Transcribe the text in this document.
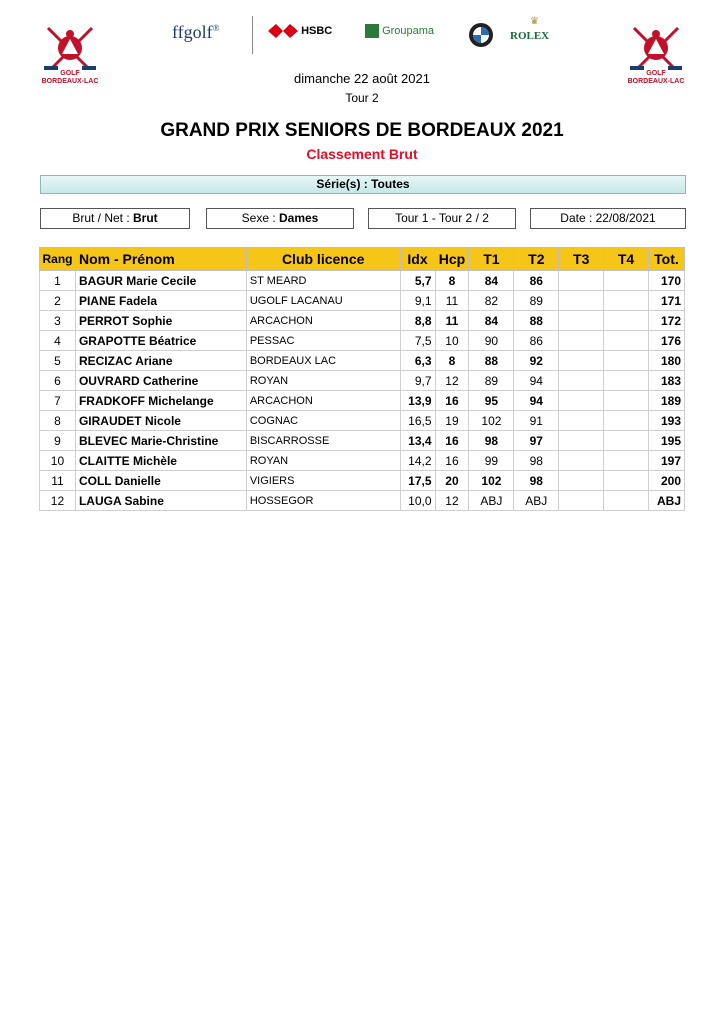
GOLF
BORDEAUX-LAC
ffgolf®	HSBC	Groupama
♛
ROLEX
GOLF
BORDEAUX-LAC
dimanche 22 août 2021
Tour 2
GRAND PRIX SENIORS DE BORDEAUX 2021
Classement Brut
Série(s) : Toutes
Brut / Net : Brut	Sexe : Dames	Tour 1 - Tour 2 / 2	Date : 22/08/2021
Rang	Nom - Prénom	Club licence	Idx	Hcp	T1	T2	T3	T4	Tot.
1	BAGUR Marie Cecile	ST MEARD	5,7	8	84	86			170
2	PIANE Fadela	UGOLF LACANAU	9,1	11	82	89			171
3	PERROT Sophie	ARCACHON	8,8	11	84	88			172
4	GRAPOTTE Béatrice	PESSAC	7,5	10	90	86			176
5	RECIZAC Ariane	BORDEAUX LAC	6,3	8	88	92			180
6	OUVRARD Catherine	ROYAN	9,7	12	89	94			183
7	FRADKOFF Michelange	ARCACHON	13,9	16	95	94			189
8	GIRAUDET Nicole	COGNAC	16,5	19	102	91			193
9	BLEVEC Marie-Christine	BISCARROSSE	13,4	16	98	97			195
10	CLAITTE Michèle	ROYAN	14,2	16	99	98			197
11	COLL Danielle	VIGIERS	17,5	20	102	98			200
12	LAUGA Sabine	HOSSEGOR	10,0	12	ABJ	ABJ			ABJ
